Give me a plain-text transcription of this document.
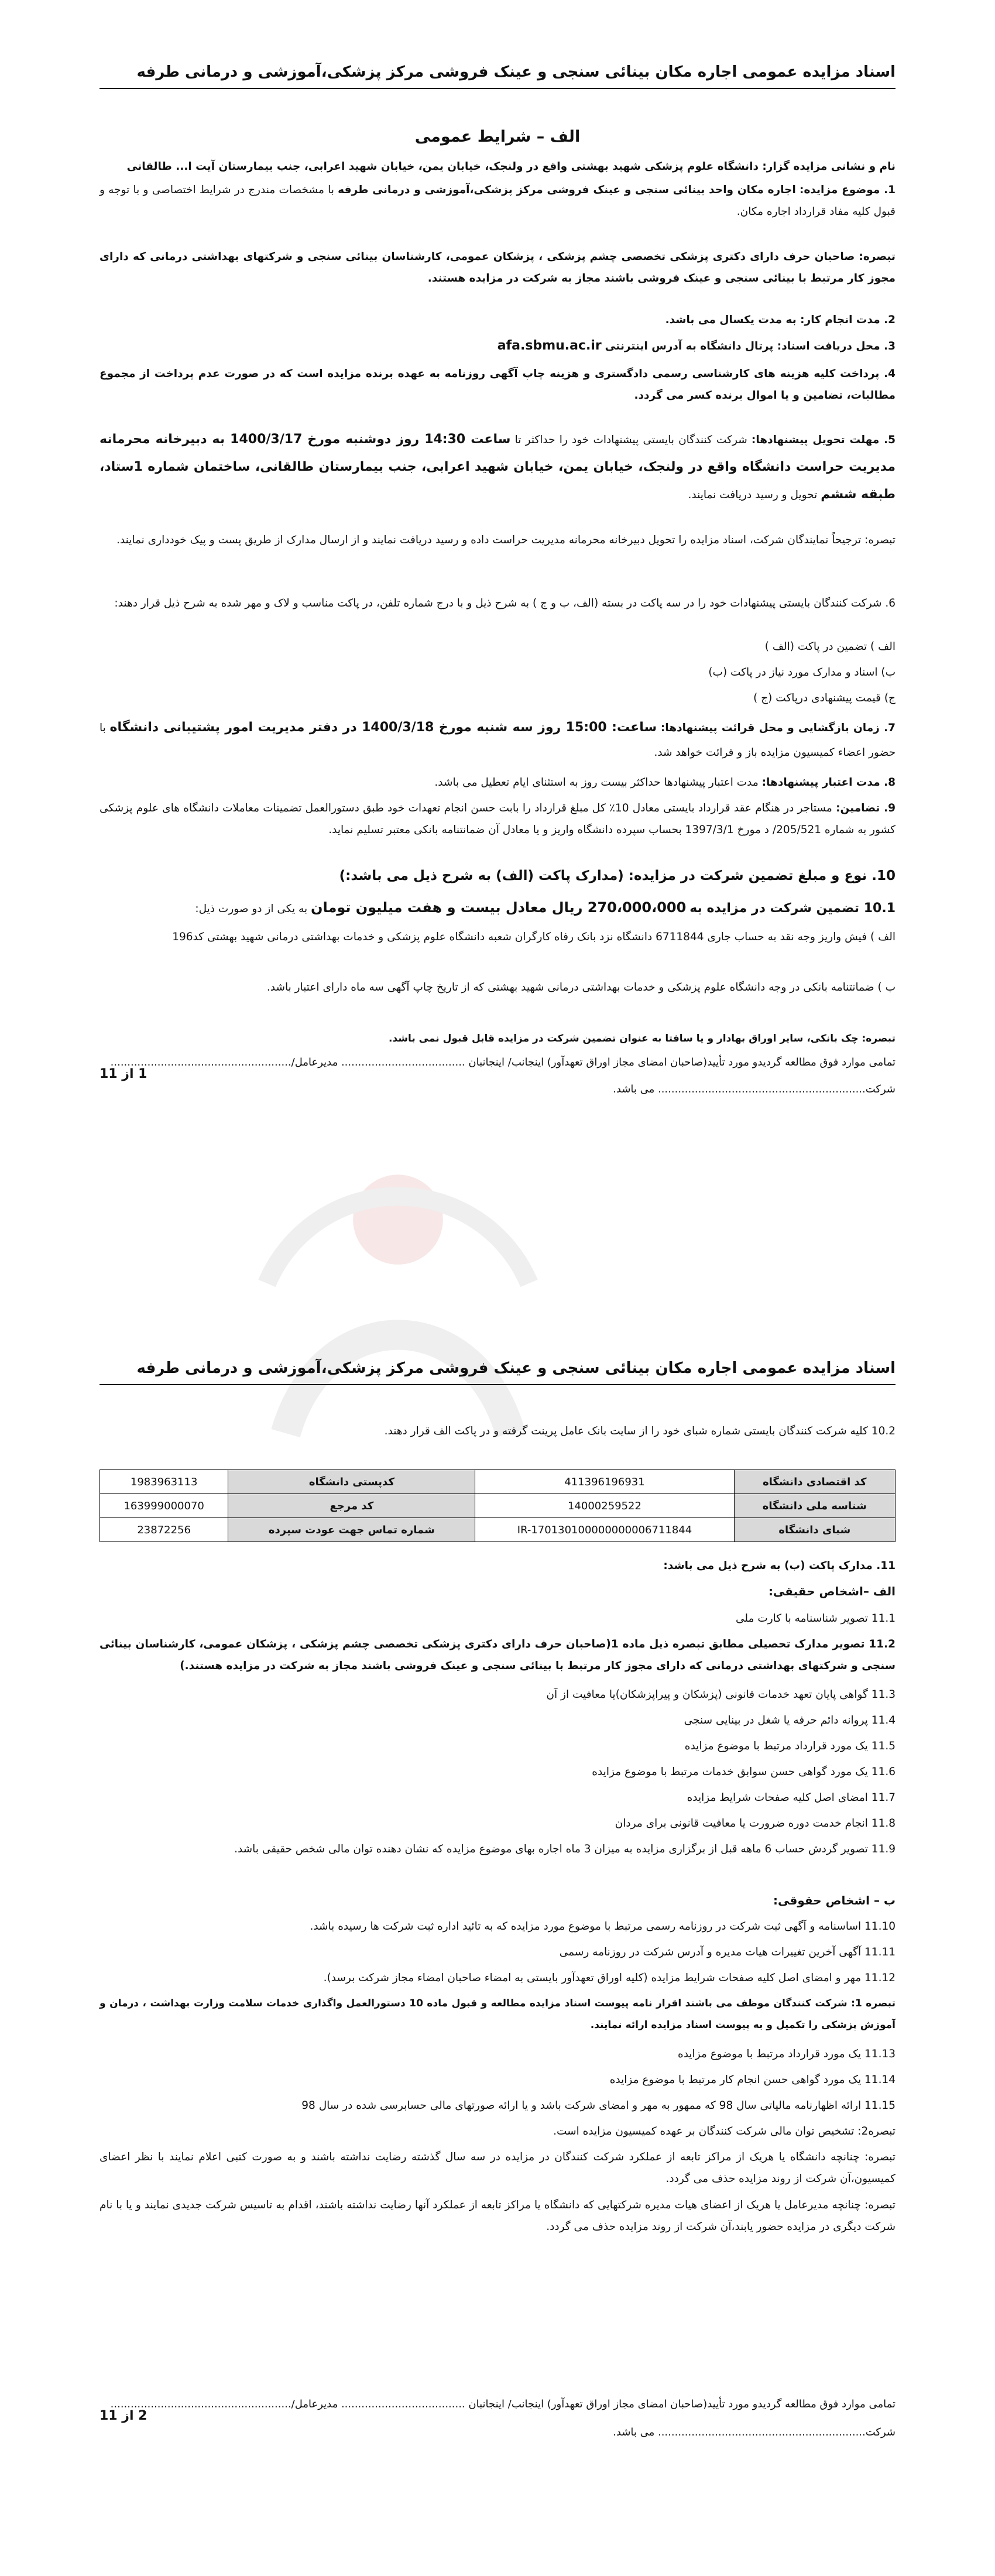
اسناد مزایده عمومی اجاره مکان بینائی سنجی و عینک فروشی مرکز پزشکی،آموزشی و درمانی طرفه
الف – شرایط عمومی
نام و نشانی مزایده گزار: دانشگاه علوم پزشکی شهید بهشتی واقع در ولنجک، خیابان یمن، خیابان شهید اعرابی، جنب بیمارستان آیت ا... طالقانی
1. موضوع مزایده: اجاره مکان واحد بینائی سنجی و عینک فروشی مرکز پزشکی،آموزشی و درمانی طرفه با مشخصات مندرج در شرایط اختصاصی و با توجه و قبول کلیه مفاد قرارداد اجاره مکان.
تبصره: صاحبان حرف دارای دکتری پزشکی تخصصی چشم پزشکی ، پزشکان عمومی، کارشناسان بینائی سنجی و شرکتهای بهداشتی درمانی که دارای مجوز کار مرتبط با بینائی سنجی و عینک فروشی باشند مجاز به شرکت در مزایده هستند.
2. مدت انجام کار: به مدت یکسال می باشد.
3. محل دریافت اسناد: پرتال دانشگاه به آدرس اینترنتی afa.sbmu.ac.ir
4. پرداخت کلیه هزینه های کارشناسی رسمی دادگستری و هزینه چاپ آگهی روزنامه به عهده برنده مزایده است که در صورت عدم پرداخت از مجموع مطالبات، تضامین و یا اموال برنده کسر می گردد.
5. مهلت تحویل پیشنهادها: شرکت کنندگان بایستی پیشنهادات خود را حداکثر تا ساعت 14:30 روز دوشنبه مورخ 1400/3/17 به دبیرخانه محرمانه مدیریت حراست دانشگاه واقع در ولنجک، خیابان یمن، خیابان شهید اعرابی، جنب بیمارستان طالقانی، ساختمان شماره 1ستاد، طبقه ششم تحویل و رسید دریافت نمایند.
تبصره: ترجیحاً نمایندگان شرکت، اسناد مزایده را تحویل دبیرخانه محرمانه مدیریت حراست داده و رسید دریافت نمایند و از ارسال مدارک از طریق پست و پیک خودداری نمایند.
6. شرکت کنندگان بایستی پیشنهادات خود را در سه پاکت در بسته (الف، ب و ج ) به شرح ذیل و با درج شماره تلفن، در پاکت مناسب و لاک و مهر شده به شرح ذیل قرار دهند:
الف ) تضمین در پاکت (الف )
ب) اسناد و مدارک مورد نیاز در پاکت (ب)
ج) قیمت پیشنهادی درپاکت (ج )
7. زمان بازگشایی و محل قرائت پیشنهادها: ساعت: 15:00 روز سه شنبه مورخ 1400/3/18 در دفتر مدیریت امور پشتیبانی دانشگاه با حضور اعضاء کمیسیون مزایده باز و قرائت خواهد شد.
8. مدت اعتبار پیشنهادها: مدت اعتبار پیشنهادها حداکثر بیست روز به استثنای ایام تعطیل می باشد.
9. تضامین: مستاجر در هنگام عقد قرارداد بایستی معادل 10٪ کل مبلغ قرارداد را بابت حسن انجام تعهدات خود طبق دستورالعمل تضمینات معاملات دانشگاه های علوم پزشکی کشور به شماره 205/521/ د مورخ 1397/3/1 بحساب سپرده دانشگاه واریز و یا معادل آن ضمانتنامه بانکی معتبر تسلیم نماید.
10. نوع و مبلغ تضمین شرکت در مزایده: (مدارک پاکت (الف) به شرح ذیل می باشد:)
10.1 تضمین شرکت در مزایده به 270،000،000 ریال معادل بیست و هفت میلیون تومان به یکی از دو صورت ذیل:
الف ) فیش واریز وجه نقد به حساب جاری 6711844 دانشگاه نزد بانک رفاه کارگران شعبه دانشگاه علوم پزشکی و خدمات بهداشتی درمانی شهید بهشتی کد196
ب ) ضمانتنامه بانکی در وجه دانشگاه علوم پزشکی و خدمات بهداشتی درمانی شهید بهشتی که از تاریخ چاپ آگهی سه ماه دارای اعتبار باشد.
تبصره: چک بانکی، سایر اوراق بهادار و یا سافتا به عنوان تضمین شرکت در مزایده قابل قبول نمی باشد.
تمامی موارد فوق مطالعه گردیدو مورد تأیید(صاحبان امضای مجاز اوراق تعهدآور) اینجانب/ اینجانبان ..................................... مدیرعامل/......................................................
1 از 11
شرکت.............................................................. می باشد.
اسناد مزایده عمومی اجاره مکان بینائی سنجی و عینک فروشی مرکز پزشکی،آموزشی و درمانی طرفه
10.2 کلیه شرکت کنندگان بایستی شماره شبای خود را از سایت بانک عامل پرینت گرفته و در پاکت الف قرار دهند.
کد اقتصادی دانشگاه	411396196931	کدپستی دانشگاه	1983963113
شناسه ملی دانشگاه	14000259522	کد مرجع	163999000070
شبای دانشگاه	IR-170130100000000006711844	شماره تماس جهت عودت سپرده	23872256
11. مدارک پاکت (ب) به شرح ذیل می باشد:
الف –اشخاص حقیقی:
11.1 تصویر شناسنامه با کارت ملی
11.2 تصویر مدارک تحصیلی مطابق تبصره ذیل ماده 1(صاحبان حرف دارای دکتری پزشکی تخصصی چشم پزشکی ، پزشکان عمومی، کارشناسان بینائی سنجی و شرکتهای بهداشتی درمانی که دارای مجوز کار مرتبط با بینائی سنجی و عینک فروشی باشند مجاز به شرکت در مزایده هستند.)
11.3 گواهی پایان تعهد خدمات قانونی (پزشکان و پیراپزشکان)یا معافیت از آن
11.4 پروانه دائم حرفه یا شغل در بینایی سنجی
11.5 یک مورد قرارداد مرتبط با موضوع مزایده
11.6 یک مورد گواهی حسن سوابق خدمات مرتبط با موضوع مزایده
11.7 امضای اصل کلیه صفحات شرایط مزایده
11.8 انجام خدمت دوره ضرورت یا معافیت قانونی برای مردان
11.9 تصویر گردش حساب 6 ماهه قبل از برگزاری مزایده به میزان 3 ماه اجاره بهای موضوع مزایده که نشان دهنده توان مالی شخص حقیقی باشد.
ب – اشخاص حقوقی:
11.10 اساسنامه و آگهی ثبت شرکت در روزنامه رسمی مرتبط با موضوع مورد مزایده که به تائید اداره ثبت شرکت ها رسیده باشد.
11.11 آگهی آخرین تغییرات هیات مدیره و آدرس شرکت در روزنامه رسمی
11.12 مهر و امضای اصل کلیه صفحات شرایط مزایده (کلیه اوراق تعهدآور بایستی به امضاء صاحبان امضاء مجاز شرکت برسد).
تبصره 1: شرکت کنندگان موظف می باشند اقرار نامه پیوست اسناد مزایده مطالعه و قبول ماده 10 دستورالعمل واگذاری خدمات سلامت وزارت بهداشت ، درمان و آموزش پزشکی را تکمیل و به پیوست اسناد مزایده ارائه نمایند.
11.13 یک مورد قرارداد مرتبط با موضوع مزایده
11.14 یک مورد گواهی حسن انجام کار مرتبط با موضوع مزایده
11.15 ارائه اظهارنامه مالیاتی سال 98 که ممهور به مهر و امضای شرکت باشد و یا ارائه صورتهای مالی حسابرسی شده در سال 98
تبصره2: تشخیص توان مالی شرکت کنندگان بر عهده کمیسیون مزایده است.
تبصره: چنانچه دانشگاه یا هریک از مراکز تابعه از عملکرد شرکت کنندگان در مزایده در سه سال گذشته رضایت نداشته باشند و به صورت کتبی اعلام نمایند با نظر اعضای کمیسیون،آن شرکت از روند مزایده حذف می گردد.
تبصره: چنانچه مدیرعامل یا هریک از اعضای هیات مدیره شرکتهایی که دانشگاه یا مراکز تابعه از عملکرد آنها رضایت نداشته باشند، اقدام به تاسیس شرکت جدیدی نمایند و یا با نام شرکت دیگری در مزایده حضور یابند،آن شرکت از روند مزایده حذف می گردد.
تمامی موارد فوق مطالعه گردیدو مورد تأیید(صاحبان امضای مجاز اوراق تعهدآور) اینجانب/ اینجانبان ..................................... مدیرعامل/......................................................
2 از 11
شرکت.............................................................. می باشد.
